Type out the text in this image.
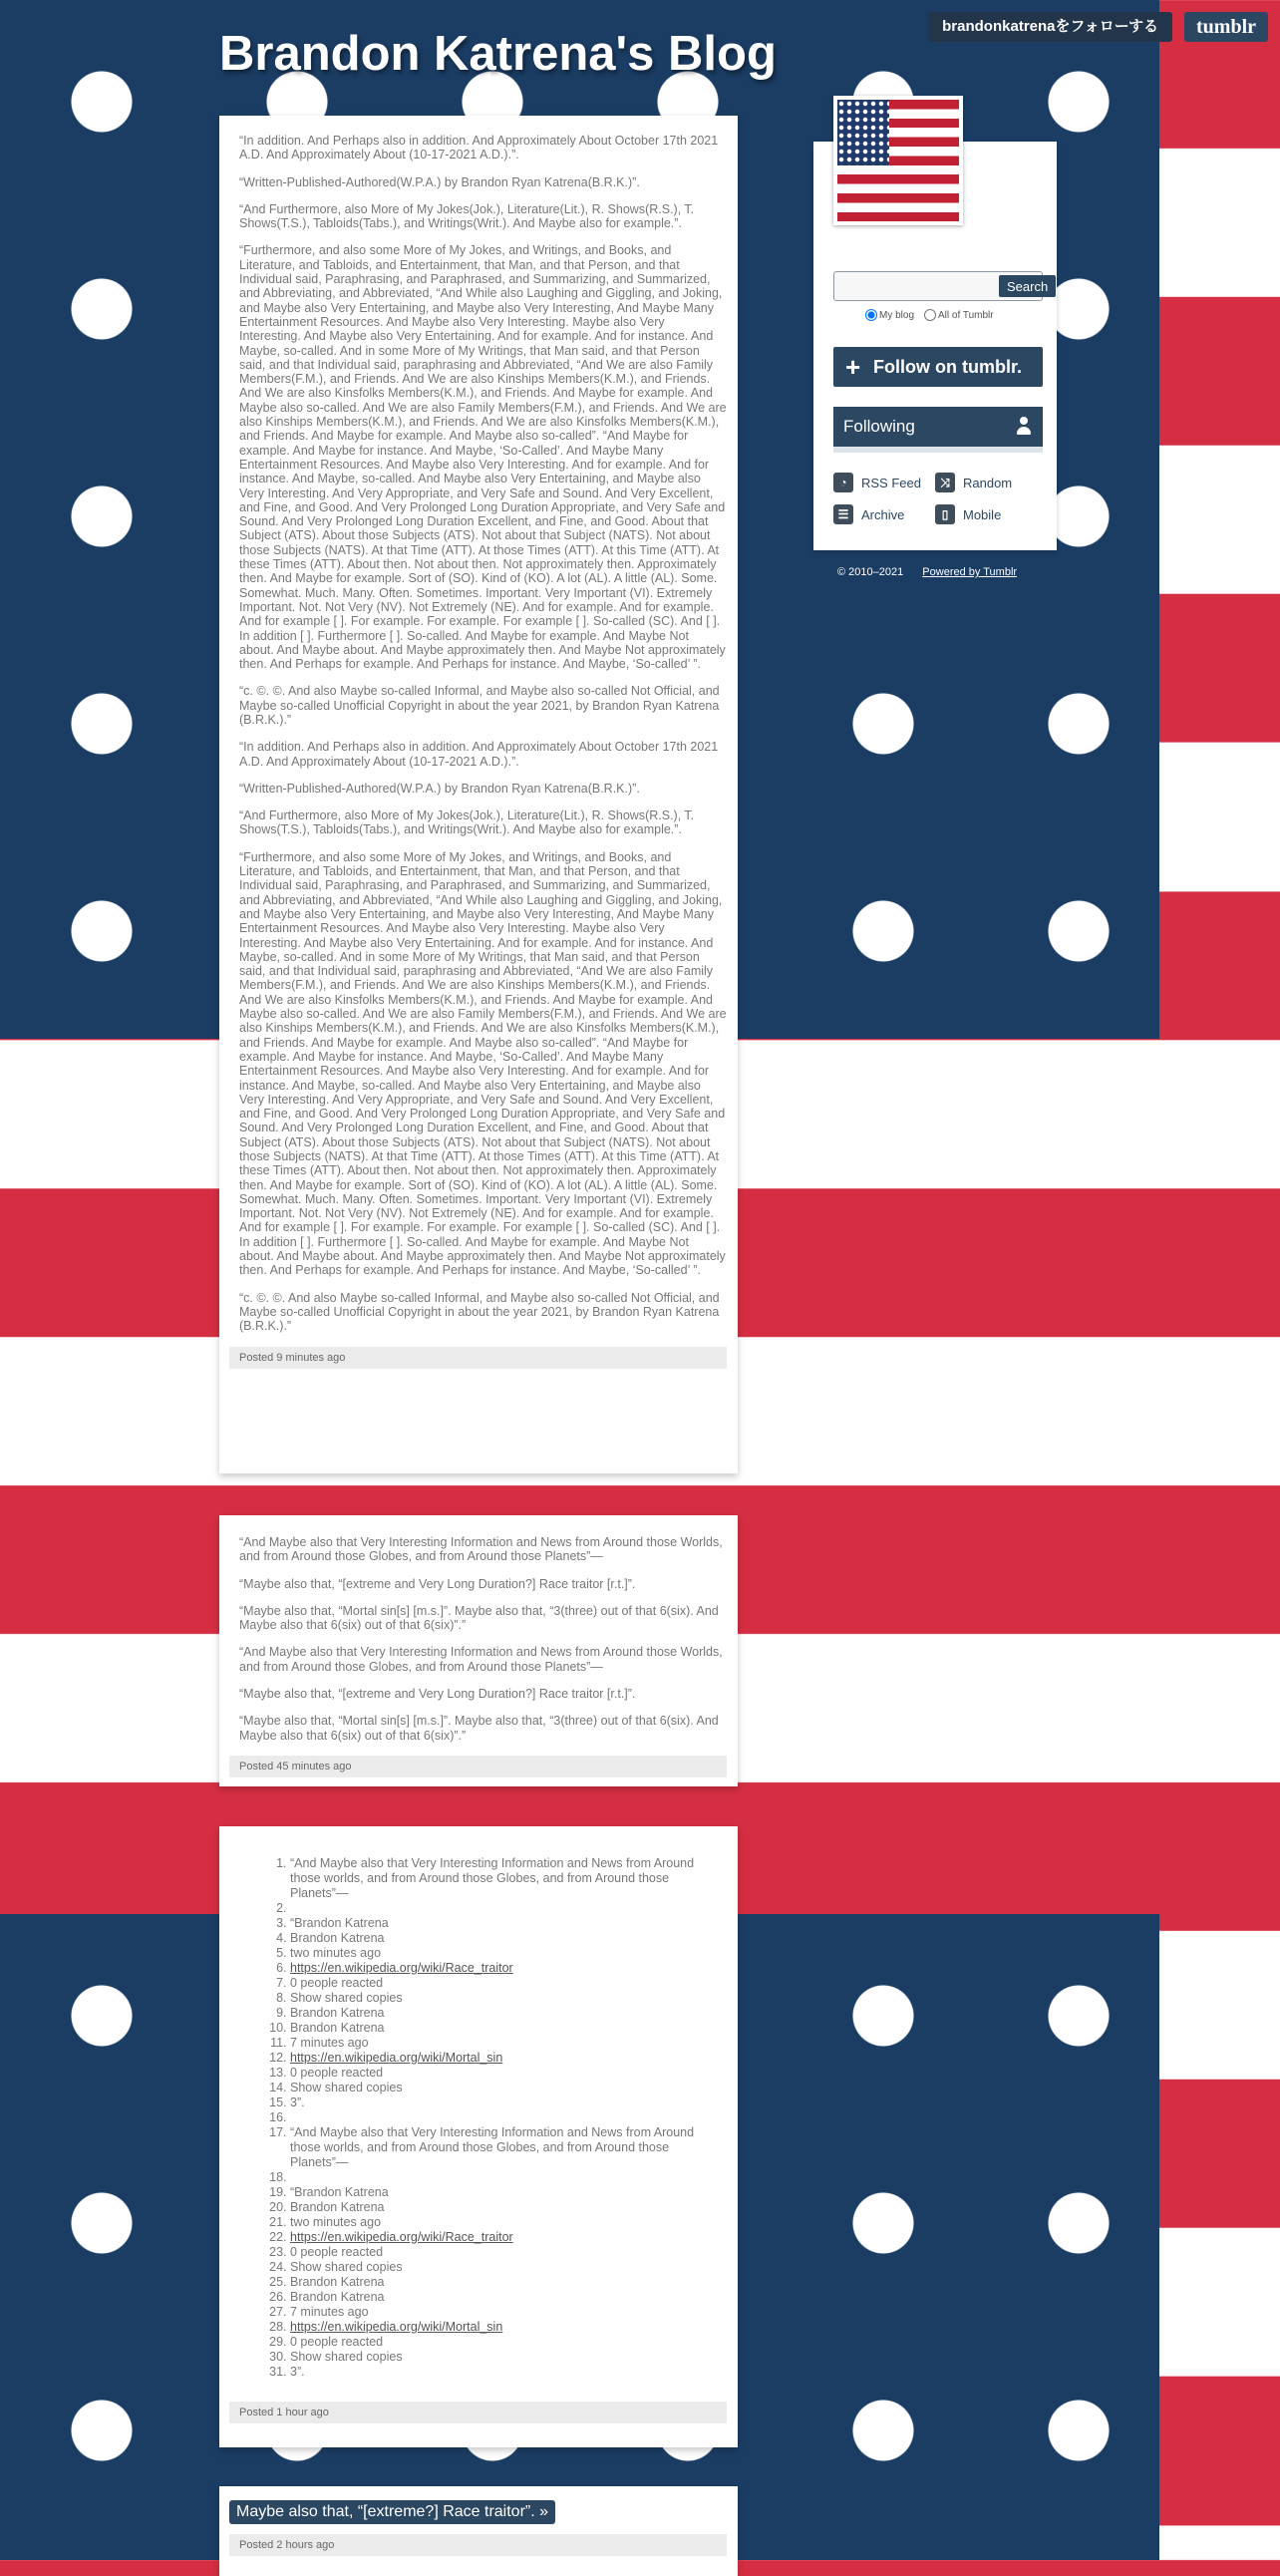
Brandon Katrena's Blog
brandonkatrenaをフォローする	tumblr

“In addition. And Perhaps also in addition. And Approximately About October 17th 2021 A.D. And Approximately About (10-17-2021 A.D.).”.

“Written-Published-Authored(W.P.A.) by Brandon Ryan Katrena(B.R.K.)”.

“And Furthermore, also More of My Jokes(Jok.), Literature(Lit.), R. Shows(R.S.), T. Shows(T.S.), Tabloids(Tabs.), and Writings(Writ.). And Maybe also for example.”.

“Furthermore, and also some More of My Jokes, and Writings, and Books, and Literature, and Tabloids, and Entertainment, that Man, and that Person, and that Individual said, Paraphrasing, and Paraphrased, and Summarizing, and Summarized, and Abbreviating, and Abbreviated, “And While also Laughing and Giggling, and Joking, and Maybe also Very Entertaining, and Maybe also Very Interesting, And Maybe Many Entertainment Resources. And Maybe also Very Interesting. Maybe also Very Interesting. And Maybe also Very Entertaining. And for example. And for instance. And Maybe, so-called. And in some More of My Writings, that Man said, and that Person said, and that Individual said, paraphrasing and Abbreviated, “And We are also Family Members(F.M.), and Friends. And We are also Kinships Members(K.M.), and Friends. And We are also Kinsfolks Members(K.M.), and Friends. And Maybe for example. And Maybe also so-called. And We are also Family Members(F.M.), and Friends. And We are also Kinships Members(K.M.), and Friends. And We are also Kinsfolks Members(K.M.), and Friends. And Maybe for example. And Maybe also so-called”. “And Maybe for example. And Maybe for instance. And Maybe, ‘So-Called’. And Maybe Many Entertainment Resources. And Maybe also Very Interesting. And for example. And for instance. And Maybe, so-called. And Maybe also Very Entertaining, and Maybe also Very Interesting. And Very Appropriate, and Very Safe and Sound. And Very Excellent, and Fine, and Good. And Very Prolonged Long Duration Appropriate, and Very Safe and Sound. And Very Prolonged Long Duration Excellent, and Fine, and Good. About that Subject (ATS). About those Subjects (ATS). Not about that Subject (NATS). Not about those Subjects (NATS). At that Time (ATT). At those Times (ATT). At this Time (ATT). At these Times (ATT). About then. Not about then. Not approximately then. Approximately then. And Maybe for example. Sort of (SO). Kind of (KO). A lot (AL). A little (AL). Some. Somewhat. Much. Many. Often. Sometimes. Important. Very Important (VI). Extremely Important. Not. Not Very (NV). Not Extremely (NE). And for example. And for example. And for example [ ]. For example. For example. For example [ ]. So-called (SC). And [ ]. In addition [ ]. Furthermore [ ]. So-called. And Maybe for example. And Maybe Not about. And Maybe about. And Maybe approximately then. And Maybe Not approximately then. And Perhaps for example. And Perhaps for instance. And Maybe, ‘So-called’ ”.

“c. ©. ©. And also Maybe so-called Informal, and Maybe also so-called Not Official, and Maybe so-called Unofficial Copyright in about the year 2021, by Brandon Ryan Katrena (B.R.K.).”

“In addition. And Perhaps also in addition. And Approximately About October 17th 2021 A.D. And Approximately About (10-17-2021 A.D.).”.

“Written-Published-Authored(W.P.A.) by Brandon Ryan Katrena(B.R.K.)”.

“And Furthermore, also More of My Jokes(Jok.), Literature(Lit.), R. Shows(R.S.), T. Shows(T.S.), Tabloids(Tabs.), and Writings(Writ.). And Maybe also for example.”.

“Furthermore, and also some More of My Jokes, and Writings, and Books, and Literature, and Tabloids, and Entertainment, that Man, and that Person, and that Individual said, Paraphrasing, and Paraphrased, and Summarizing, and Summarized, and Abbreviating, and Abbreviated, “And While also Laughing and Giggling, and Joking, and Maybe also Very Entertaining, and Maybe also Very Interesting, And Maybe Many Entertainment Resources. And Maybe also Very Interesting. Maybe also Very Interesting. And Maybe also Very Entertaining. And for example. And for instance. And Maybe, so-called. And in some More of My Writings, that Man said, and that Person said, and that Individual said, paraphrasing and Abbreviated, “And We are also Family Members(F.M.), and Friends. And We are also Kinships Members(K.M.), and Friends. And We are also Kinsfolks Members(K.M.), and Friends. And Maybe for example. And Maybe also so-called. And We are also Family Members(F.M.), and Friends. And We are also Kinships Members(K.M.), and Friends. And We are also Kinsfolks Members(K.M.), and Friends. And Maybe for example. And Maybe also so-called”. “And Maybe for example. And Maybe for instance. And Maybe, ‘So-Called’. And Maybe Many Entertainment Resources. And Maybe also Very Interesting. And for example. And for instance. And Maybe, so-called. And Maybe also Very Entertaining, and Maybe also Very Interesting. And Very Appropriate, and Very Safe and Sound. And Very Excellent, and Fine, and Good. And Very Prolonged Long Duration Appropriate, and Very Safe and Sound. And Very Prolonged Long Duration Excellent, and Fine, and Good. About that Subject (ATS). About those Subjects (ATS). Not about that Subject (NATS). Not about those Subjects (NATS). At that Time (ATT). At those Times (ATT). At this Time (ATT). At these Times (ATT). About then. Not about then. Not approximately then. Approximately then. And Maybe for example. Sort of (SO). Kind of (KO). A lot (AL). A little (AL). Some. Somewhat. Much. Many. Often. Sometimes. Important. Very Important (VI). Extremely Important. Not. Not Very (NV). Not Extremely (NE). And for example. And for example. And for example [ ]. For example. For example. For example [ ]. So-called (SC). And [ ]. In addition [ ]. Furthermore [ ]. So-called. And Maybe for example. And Maybe Not about. And Maybe about. And Maybe approximately then. And Maybe Not approximately then. And Perhaps for example. And Perhaps for instance. And Maybe, ‘So-called’ ”.

“c. ©. ©. And also Maybe so-called Informal, and Maybe also so-called Not Official, and Maybe so-called Unofficial Copyright in about the year 2021, by Brandon Ryan Katrena (B.R.K.).”

Posted 9 minutes ago

“And Maybe also that Very Interesting Information and News from Around those Worlds, and from Around those Globes, and from Around those Planets”—

“Maybe also that, “[extreme and Very Long Duration?] Race traitor [r.t.]”.

“Maybe also that, “Mortal sin[s] [m.s.]”. Maybe also that, “3(three) out of that 6(six). And Maybe also that 6(six) out of that 6(six)”.”

“And Maybe also that Very Interesting Information and News from Around those Worlds, and from Around those Globes, and from Around those Planets”—

“Maybe also that, “[extreme and Very Long Duration?] Race traitor [r.t.]”.

“Maybe also that, “Mortal sin[s] [m.s.]”. Maybe also that, “3(three) out of that 6(six). And Maybe also that 6(six) out of that 6(six)”.”

Posted 45 minutes ago
1. “And Maybe also that Very Interesting Information and News from Around those worlds, and from Around those Globes, and from Around those Planets”—
2.
3. “Brandon Katrena
4. Brandon Katrena
5. two minutes ago
6. https://en.wikipedia.org/wiki/Race_traitor
7. 0 people reacted
8. Show shared copies
9. Brandon Katrena
10. Brandon Katrena
11. 7 minutes ago
12. https://en.wikipedia.org/wiki/Mortal_sin
13. 0 people reacted
14. Show shared copies
15. 3”.
16.
17. “And Maybe also that Very Interesting Information and News from Around those worlds, and from Around those Globes, and from Around those Planets”—
18.
19. “Brandon Katrena
20. Brandon Katrena
21. two minutes ago
22. https://en.wikipedia.org/wiki/Race_traitor
23. 0 people reacted
24. Show shared copies
25. Brandon Katrena
26. Brandon Katrena
27. 7 minutes ago
28. https://en.wikipedia.org/wiki/Mortal_sin
29. 0 people reacted
30. Show shared copies
31. 3”.
Posted 1 hour ago
Maybe also that, “[extreme?] Race traitor”. »
Posted 2 hours ago
Search
My blog All of Tumblr
+ Follow on tumblr.
Following
◔	RSS Feed	⤨	Random
☰ Archive	▯	Mobile
© 2010–2021 Powered by Tumblr
